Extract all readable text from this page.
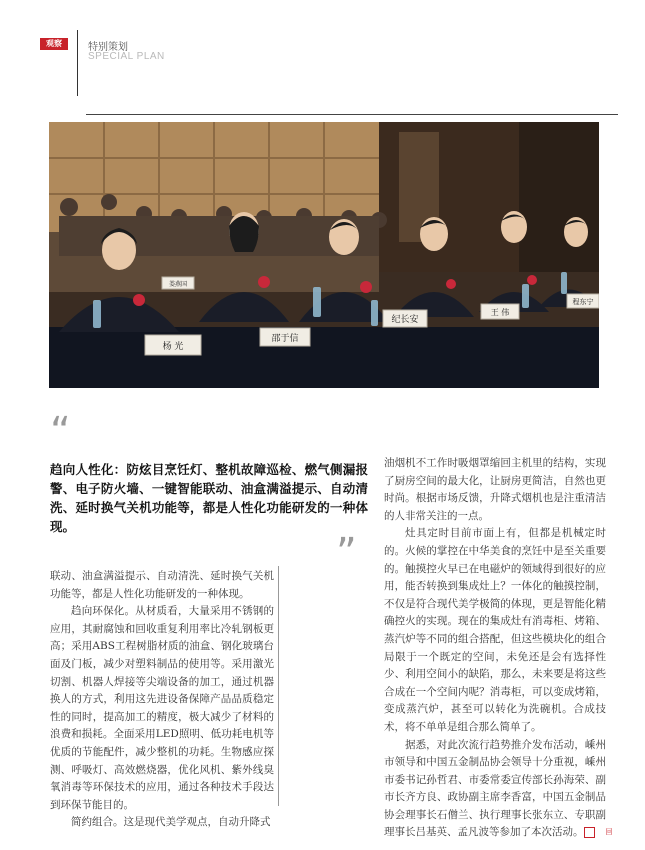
观察	特别策划
SPECIAL PLAN
杨 光
邵于信
纪长安
王 伟
程东宁
娄燕国
“

趋向人性化：防炫目烹饪灯、整机故障巡检、燃气侧漏报警、电子防火墙、一键智能联动、油盒满溢提示、自动清洗、延时换气关机功能等，都是人性化功能研发的一种体现。

”

联动、油盒满溢提示、自动清洗、延时换气关机功能等，都是人性化功能研发的一种体现。

趋向环保化。从材质看，大量采用不锈钢的应用，其耐腐蚀和回收重复利用率比冷轧钢板更高；采用ABS工程树脂材质的油盒、钢化玻璃台面及门板，减少对塑料制品的使用等。采用激光切割、机器人焊接等尖端设备的加工，通过机器换人的方式，利用这先进设备保障产品品质稳定性的同时，提高加工的精度，极大减少了材料的浪费和损耗。全面采用LED照明、低功耗电机等优质的节能配件，减少整机的功耗。生物感应探测、呼吸灯、高效燃烧器，优化风机、紫外线臭氧消毒等环保技术的应用，通过各种技术手段达到环保节能目的。

简约组合。这是现代美学观点，自动升降式

油烟机不工作时吸烟罩缩回主机里的结构，实现了厨房空间的最大化，让厨房更简洁，自然也更时尚。根据市场反馈，升降式烟机也是注重清洁的人非常关注的一点。

灶具定时目前市面上有，但都是机械定时的。火候的掌控在中华美食的烹饪中是至关重要的。触摸控火早已在电磁炉的领域得到很好的应用，能否转换到集成灶上？一体化的触摸控制，不仅是符合现代美学极简的体现，更是智能化精确控火的实现。现在的集成灶有消毒柜、烤箱、蒸汽炉等不同的组合搭配，但这些模块化的组合局限于一个既定的空间，未免还是会有选择性少、利用空间小的缺陷，那么，未来要是将这些合成在一个空间内呢？消毒柜，可以变成烤箱，变成蒸汽炉，甚至可以转化为洗碗机。合成技术，将不单单是组合那么简单了。

据悉，对此次流行趋势推介发布活动，嵊州市领导和中国五金制品协会领导十分重视，嵊州市委书记孙哲君、市委常委宣传部长孙海荣、副市长齐方良、政协副主席李香富，中国五金制品协会理事长石僧兰、执行理事长张东立、专职副理事长吕基英、孟凡波等参加了本次活动。	回
